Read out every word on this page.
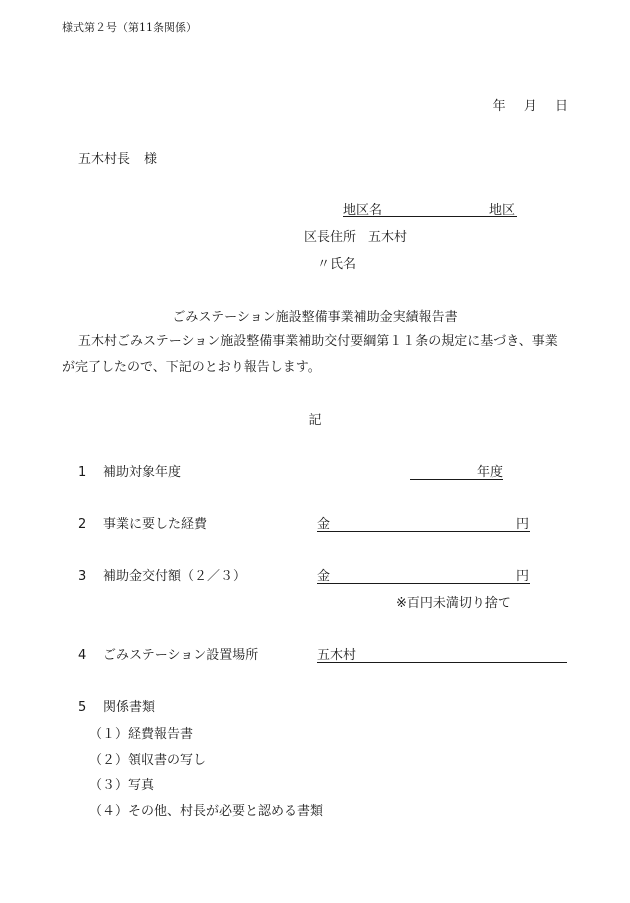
様式第２号（第11条関係）
年 月 日
五木村長 様
地区名	地区
区長住所 五木村
〃氏名
ごみステーション施設整備事業補助金実績報告書
五木村ごみステーション施設整備事業補助交付要綱第１１条の規定に基づき、事業
が完了したので、下記のとおり報告します。
記
1 補助対象年度	年度
2 事業に要した経費	金	円
3 補助金交付額（２／３）	金	円
※百円未満切り捨て
4 ごみステーション設置場所	五木村
5 関係書類
（１）経費報告書
（２）領収書の写し
（３）写真
（４）その他、村長が必要と認める書類
